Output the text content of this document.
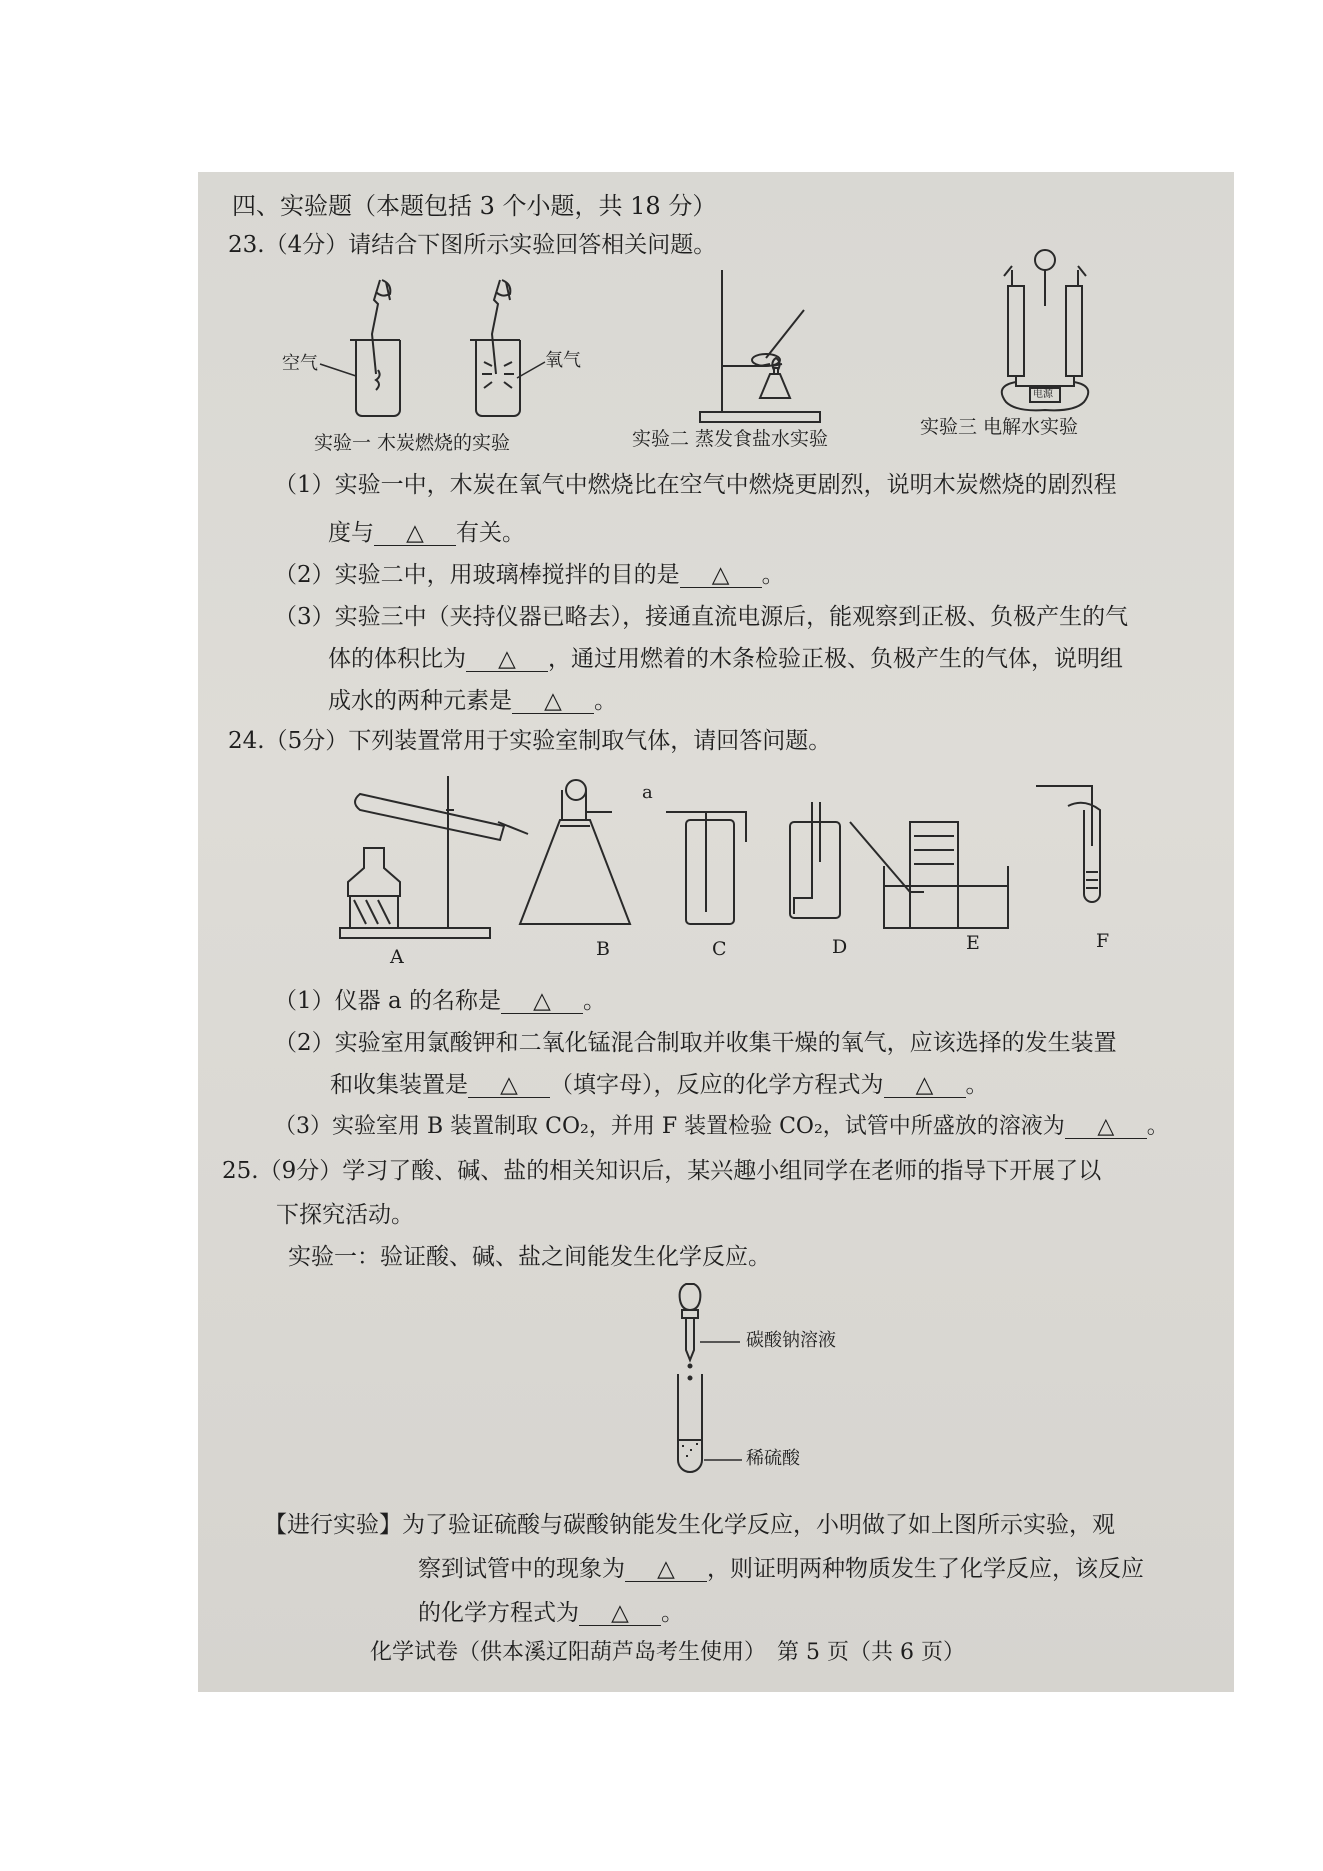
四、实验题（本题包括 3 个小题，共 18 分）
23.（4分）请结合下图所示实验回答相关问题。
空气	氧气
电源
实验一 木炭燃烧的实验	实验二 蒸发食盐水实验
实验三 电解水实验
（1）实验一中，木炭在氧气中燃烧比在空气中燃烧更剧烈，说明木炭燃烧的剧烈程
度与 △ 有关。
（2）实验二中，用玻璃棒搅拌的目的是 △ 。
（3）实验三中（夹持仪器已略去），接通直流电源后，能观察到正极、负极产生的气
体的体积比为 △ ，通过用燃着的木条检验正极、负极产生的气体，说明组
成水的两种元素是 △ 。
24.（5分）下列装置常用于实验室制取气体，请回答问题。
a
A	B	C	D	E	F
（1）仪器 a 的名称是 △ 。
（2）实验室用氯酸钾和二氧化锰混合制取并收集干燥的氧气，应该选择的发生装置
和收集装置是 △ （填字母），反应的化学方程式为 △ 。
（3）实验室用 B 装置制取 CO₂，并用 F 装置检验 CO₂，试管中所盛放的溶液为 △ 。
25.（9分）学习了酸、碱、盐的相关知识后，某兴趣小组同学在老师的指导下开展了以
下探究活动。
实验一：验证酸、碱、盐之间能发生化学反应。
碳酸钠溶液
稀硫酸
【进行实验】为了验证硫酸与碳酸钠能发生化学反应，小明做了如上图所示实验，观
察到试管中的现象为 △ ，则证明两种物质发生了化学反应，该反应
的化学方程式为 △ 。
化学试卷（供本溪辽阳葫芦岛考生使用）　第 5 页（共 6 页）
